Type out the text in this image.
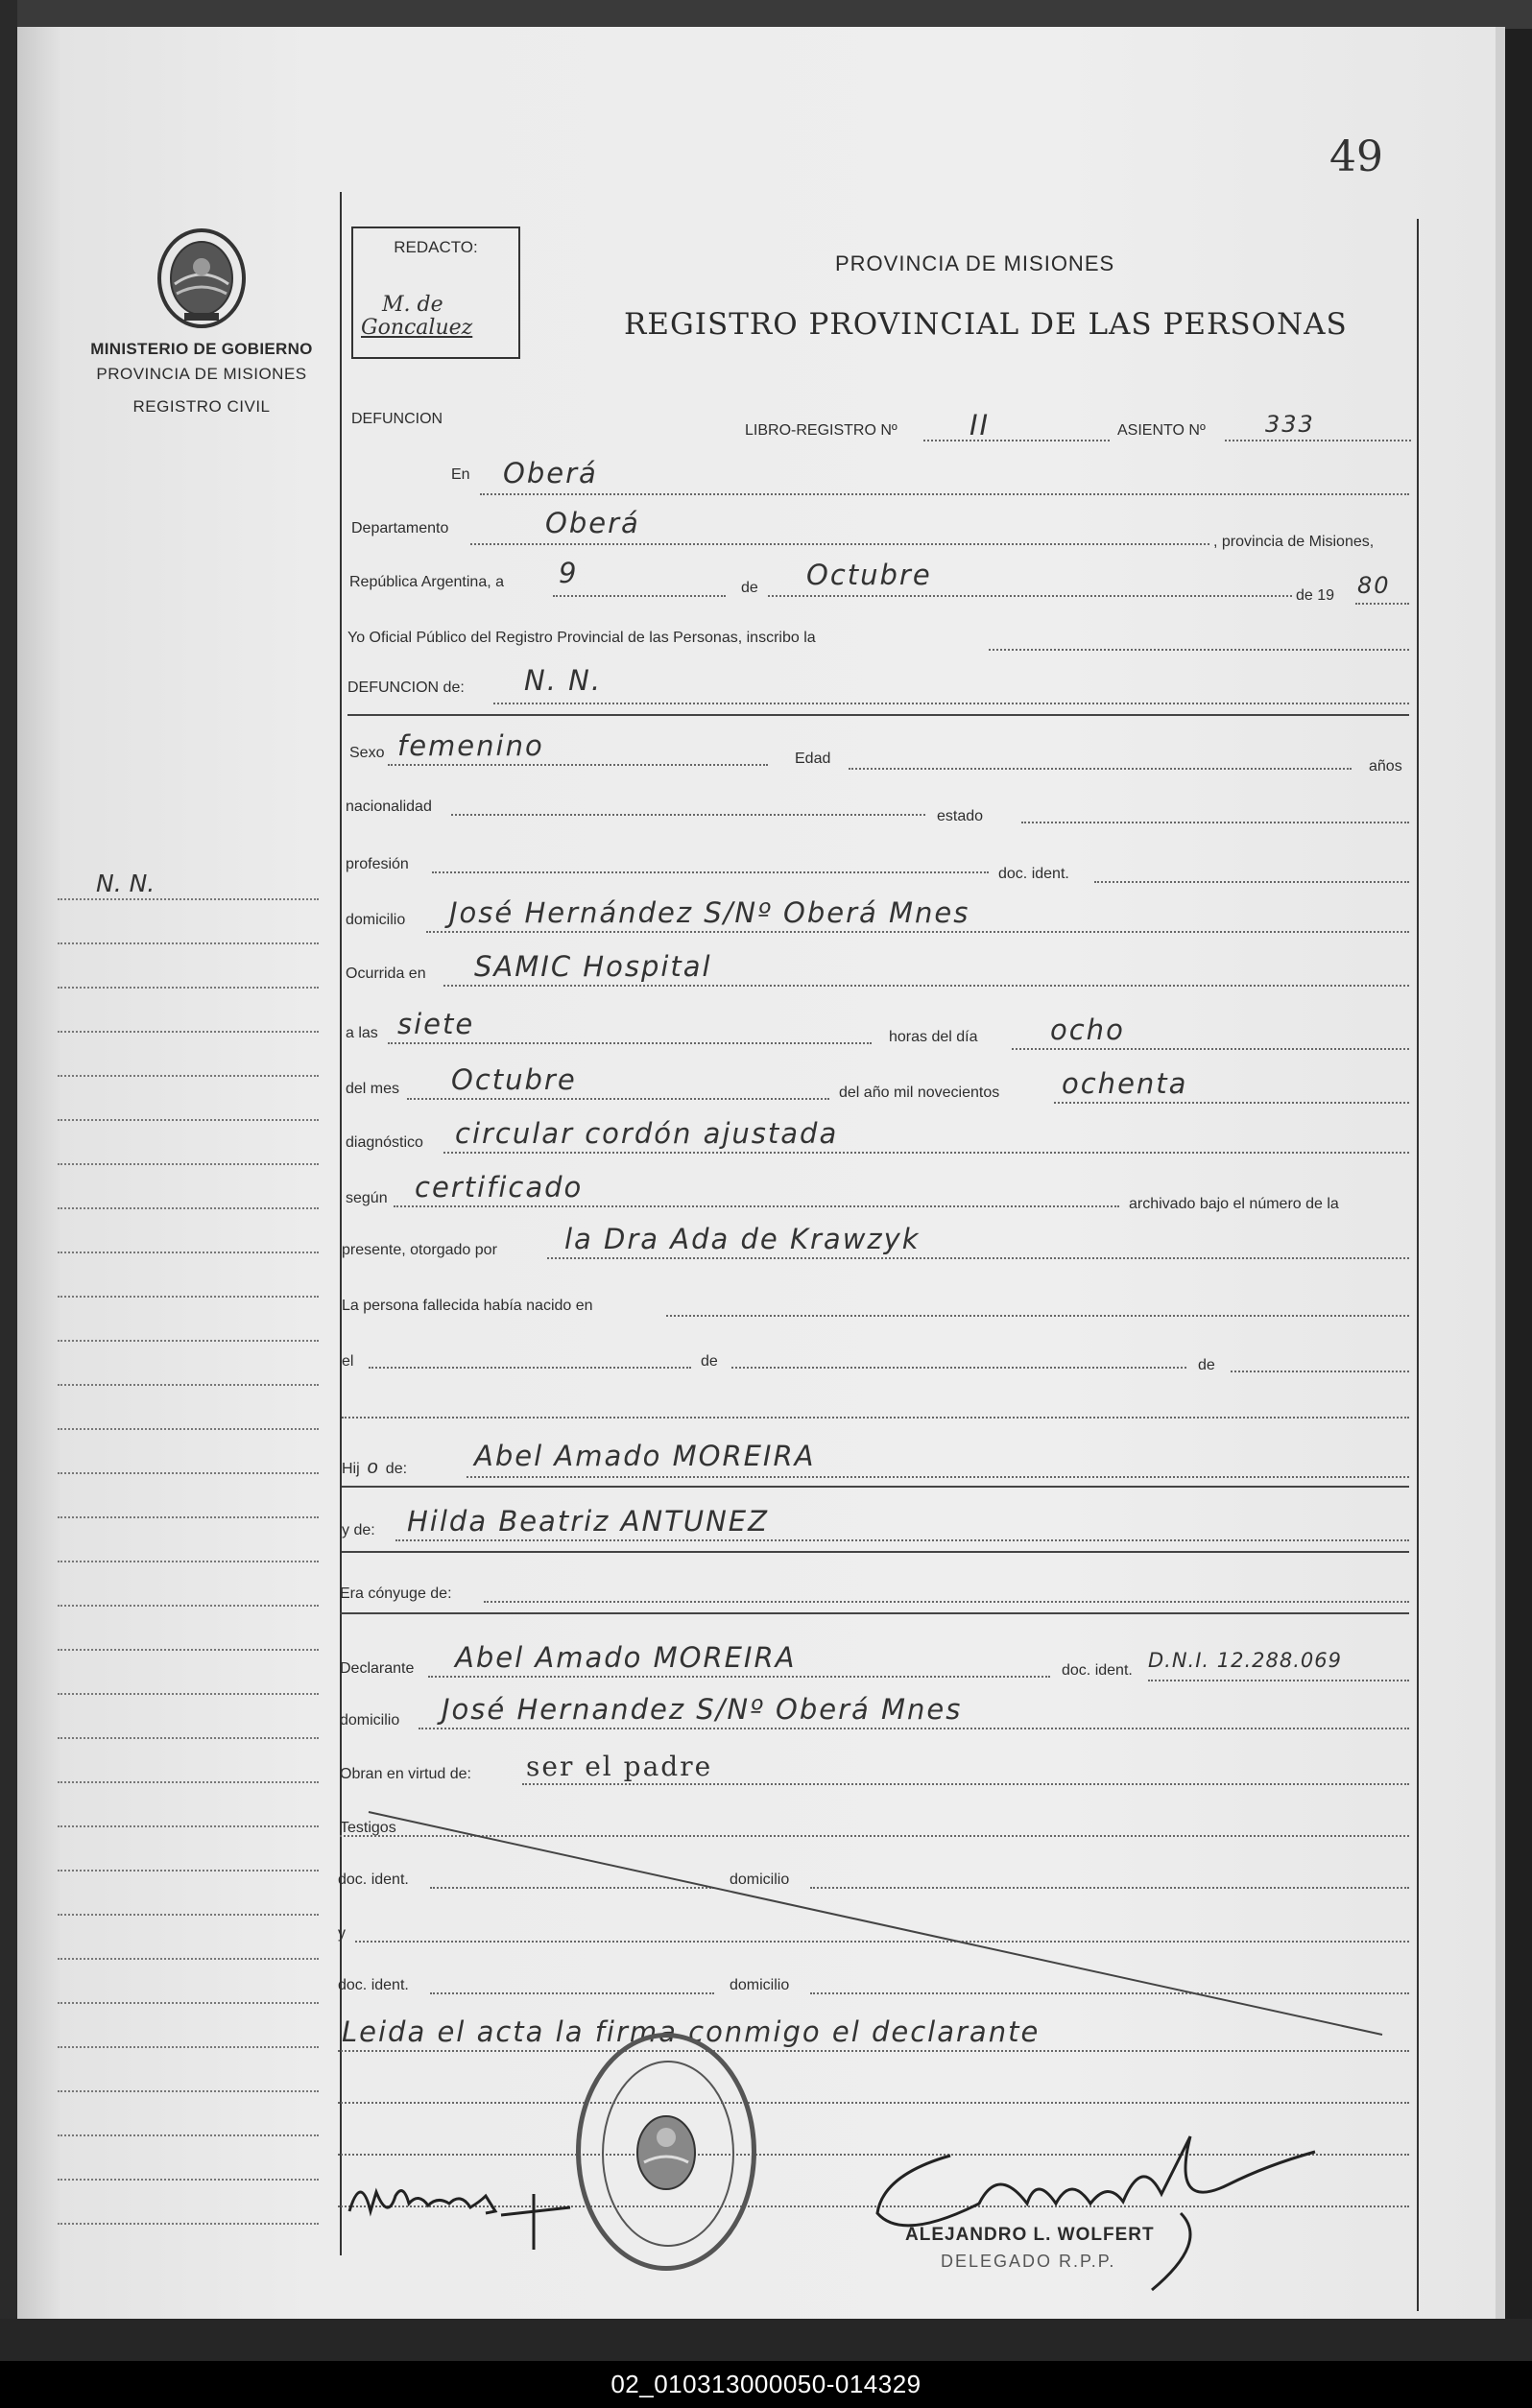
49
MINISTERIO DE GOBIERNO
PROVINCIA DE MISIONES
REGISTRO CIVIL
N. N.
REDACTO:
M. de
Goncaluez
PROVINCIA DE MISIONES
REGISTRO PROVINCIAL DE LAS PERSONAS
DEFUNCION
LIBRO-REGISTRO Nº	II	ASIENTO Nº	333
En Oberá
Departamento	Oberá
, provincia de Misiones,
República Argentina, a 9	de Octubre
de 19 80
Yo Oficial Público del Registro Provincial de las Personas, inscribo la
DEFUNCION de: N. N.
Sexo femenino	Edad	años
nacionalidad
estado
profesión
doc. ident.
domicilio José Hernández S/Nº Oberá Mnes
Ocurrida en SAMIC Hospital
a las siete	horas del día	ocho
del mes Octubre	del año mil novecientos ochenta
diagnóstico circular cordón ajustada
según certificado
archivado bajo el número de la
presente, otorgado por la Dra Ada de Krawzyk
La persona fallecida había nacido en
el	de	de
Hij o de: Abel Amado MOREIRA
y de: Hilda Beatriz ANTUNEZ
Era cónyuge de:
Declarante Abel Amado MOREIRA	doc. ident. D.N.I. 12.288.069
domicilio José Hernandez S/Nº Oberá Mnes
Obran en virtud de: ser el padre
Testigos
doc. ident.	domicilio
y
doc. ident.	domicilio
Leida el acta la firma conmigo el declarante
ALEJANDRO L. WOLFERT
DELEGADO R.P.P.
02_010313000050-014329
